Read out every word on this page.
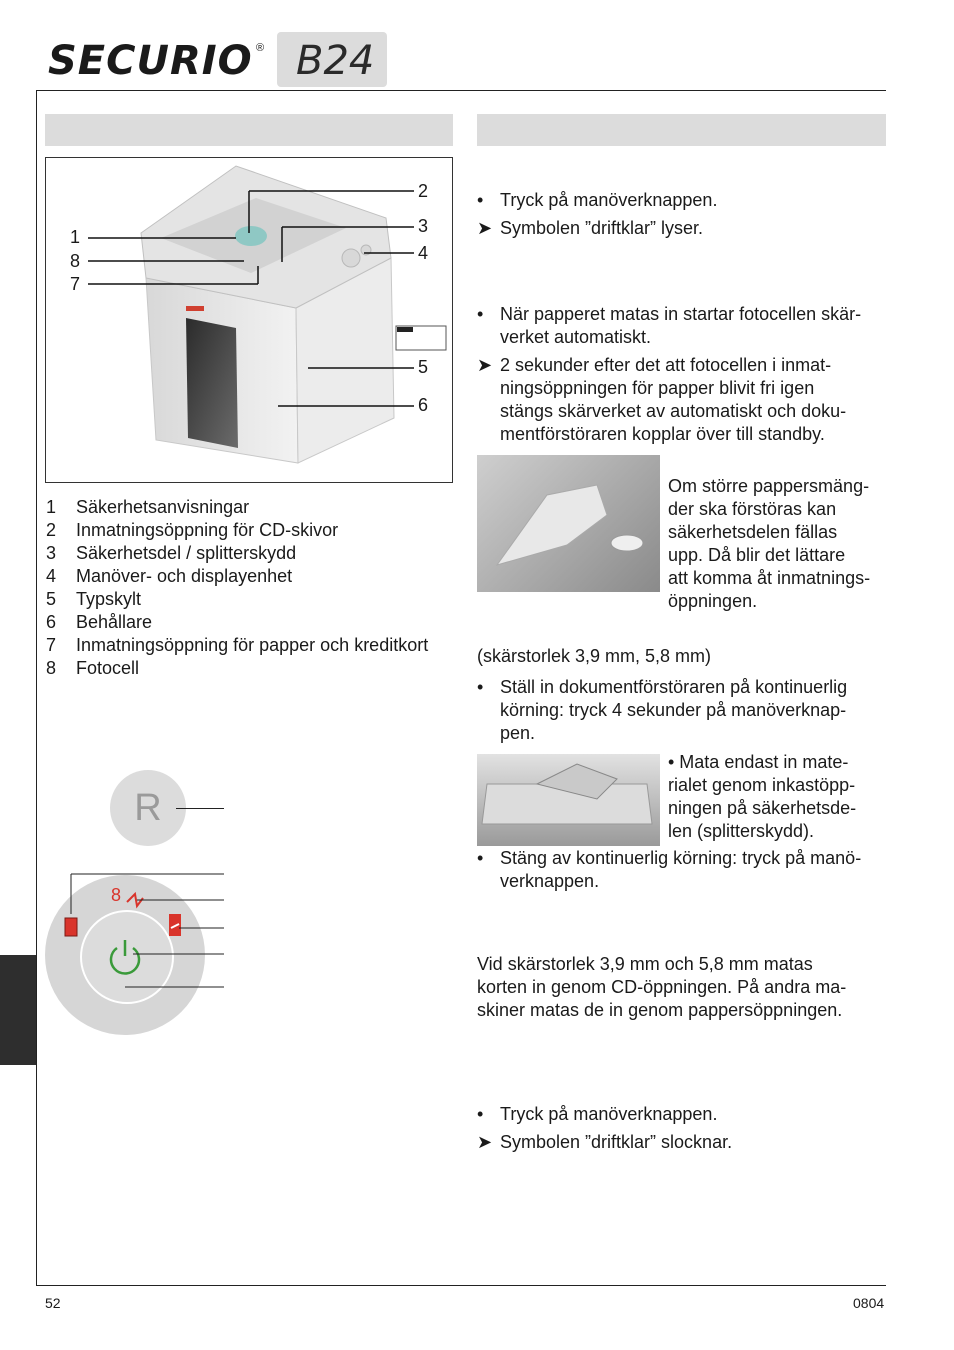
SECURIO ® B24
1
8
7
2
3
4
5
6
1 Säkerhetsanvisningar
2 Inmatningsöppning för CD-skivor
3 Säkerhetsdel / splitterskydd
4 Manöver- och displayenhet
5 Typskylt
6 Behållare
7 Inmatningsöppning för papper och kreditkort
8 Fotocell
R
8
• Tryck på manöverknappen.
➤ Symbolen ”driftklar” lyser.
• När papperet matas in startar fotocellen skär-
verket automatiskt.
➤ 2 sekunder efter det att fotocellen i inmat-
ningsöppningen för papper blivit fri igen
stängs skärverket av automatiskt och doku-
mentförstöraren kopplar över till standby.
Om större pappersmäng-
der ska förstöras kan
säkerhetsdelen fällas
upp. Då blir det lättare
att komma åt inmatnings-
öppningen.
(skärstorlek 3,9 mm, 5,8 mm)
• Ställ in dokumentförstöraren på kontinuerlig
körning: tryck 4 sekunder på manöverknap-
pen.
• Mata endast in mate-
rialet genom inkastöpp-
ningen på säkerhetsde-
len (splitterskydd).
• Stäng av kontinuerlig körning: tryck på manö-
verknappen.
Vid skärstorlek 3,9 mm och 5,8 mm matas
korten in genom CD-öppningen. På andra ma-
skiner matas de in genom pappersöppningen.
• Tryck på manöverknappen.
➤ Symbolen ”driftklar” slocknar.
52	0804
